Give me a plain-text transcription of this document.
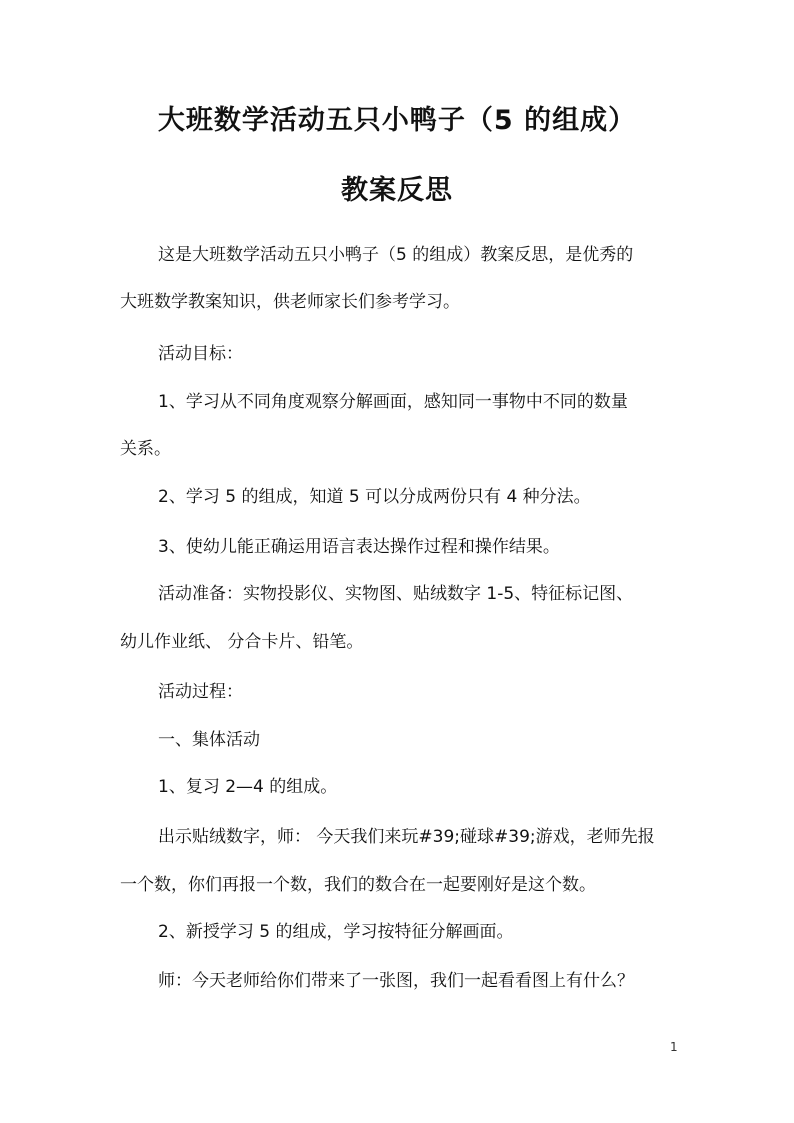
大班数学活动五只小鸭子（5 的组成）
教案反思
这是大班数学活动五只小鸭子（5 的组成）教案反思，是优秀的
大班数学教案知识，供老师家长们参考学习。
活动目标：
1、学习从不同角度观察分解画面，感知同一事物中不同的数量
关系。
2、学习 5 的组成，知道 5 可以分成两份只有 4 种分法。
3、使幼儿能正确运用语言表达操作过程和操作结果。
活动准备：实物投影仪、实物图、贴绒数字 1-5、特征标记图、
幼儿作业纸、 分合卡片、铅笔。
活动过程：
一、集体活动
1、复习 2—4 的组成。
出示贴绒数字，师： 今天我们来玩#39;碰球#39;游戏，老师先报
一个数，你们再报一个数，我们的数合在一起要刚好是这个数。
2、新授学习 5 的组成，学习按特征分解画面。
师：今天老师给你们带来了一张图，我们一起看看图上有什么？
1
